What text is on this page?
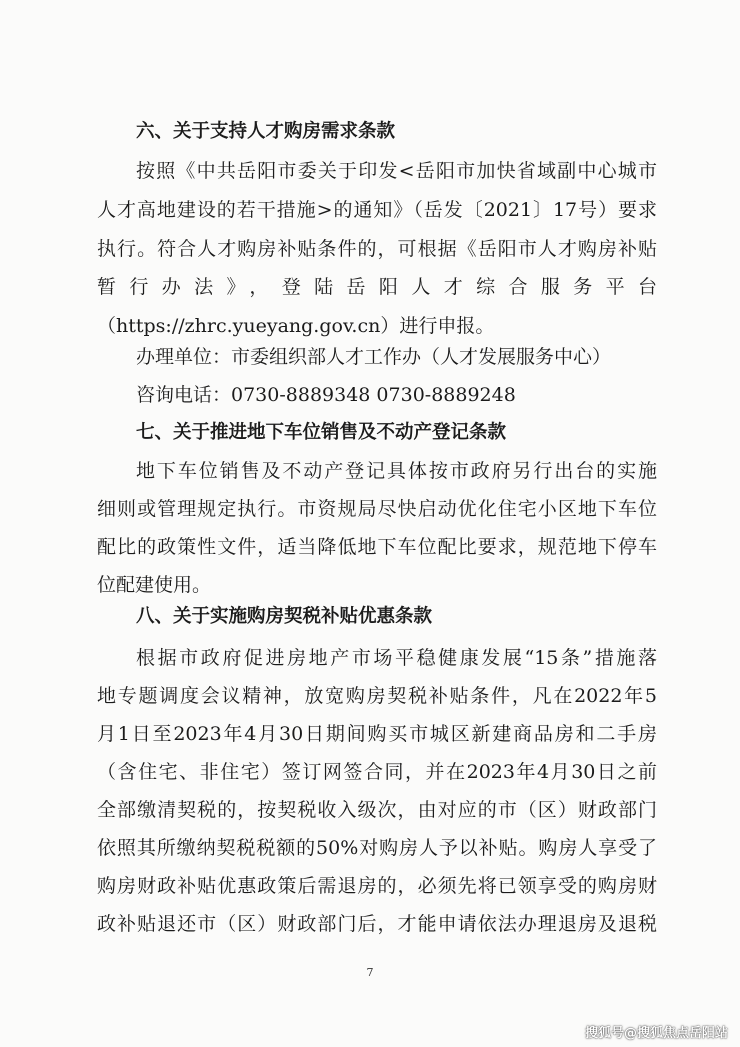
六、关于支持人才购房需求条款
按照《中共岳阳市委关于印发<岳阳市加快省域副中心城市
人才高地建设的若干措施>的通知》（岳发〔2021〕17号）要求
执行。符合人才购房补贴条件的，可根据《岳阳市人才购房补贴
暂行办法》，登陆岳阳人才综合服务平台
（https://zhrc.yueyang.gov.cn）进行申报。
办理单位：市委组织部人才工作办（人才发展服务中心）
咨询电话：0730-8889348 0730-8889248
七、关于推进地下车位销售及不动产登记条款
地下车位销售及不动产登记具体按市政府另行出台的实施
细则或管理规定执行。市资规局尽快启动优化住宅小区地下车位
配比的政策性文件，适当降低地下车位配比要求，规范地下停车
位配建使用。
八、关于实施购房契税补贴优惠条款
根据市政府促进房地产市场平稳健康发展“15条”措施落
地专题调度会议精神，放宽购房契税补贴条件，凡在2022年5
月1日至2023年4月30日期间购买市城区新建商品房和二手房
（含住宅、非住宅）签订网签合同，并在2023年4月30日之前
全部缴清契税的，按契税收入级次，由对应的市（区）财政部门
依照其所缴纳契税税额的50%对购房人予以补贴。购房人享受了
购房财政补贴优惠政策后需退房的，必须先将已领享受的购房财
政补贴退还市（区）财政部门后，才能申请依法办理退房及退税
7
搜狐号@搜狐焦点岳阳站
